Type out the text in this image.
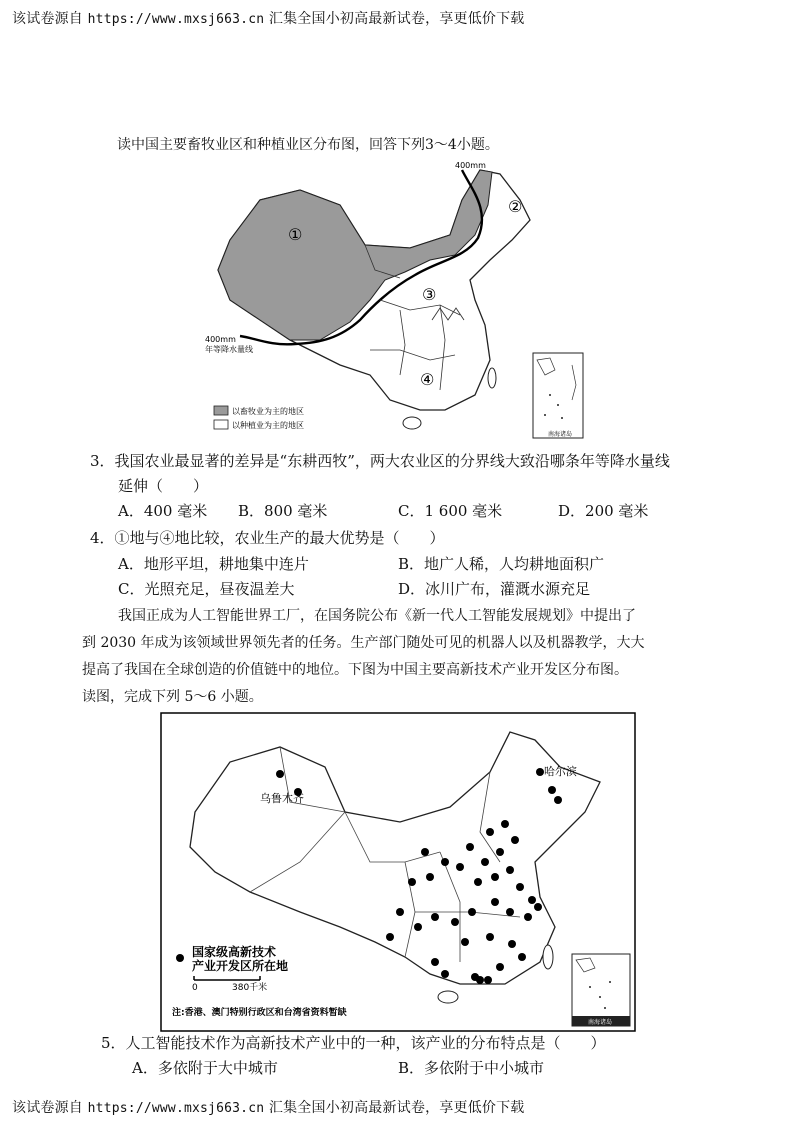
该试卷源自 https://www.mxsj663.cn 汇集全国小初高最新试卷，享更低价下载
读中国主要畜牧业区和种植业区分布图，回答下列3～4小题。
400mm
400mm
年等降水量线
①
②
③
④
以畜牧业为主的地区
以种植业为主的地区
南海诸岛
3．我国农业最显著的差异是“东耕西牧”，两大农业区的分界线大致沿哪条年等降水量线
延伸（　　）
A．400 毫米 B．800 毫米	C．1 600 毫米	D．200 毫米
4．①地与④地比较，农业生产的最大优势是（　　）
A．地形平坦，耕地集中连片	B．地广人稀，人均耕地面积广
C．光照充足，昼夜温差大	D．冰川广布，灌溉水源充足
我国正成为人工智能世界工厂，在国务院公布《新一代人工智能发展规划》中提出了
到 2030 年成为该领域世界领先者的任务。生产部门随处可见的机器人以及机器教学，大大
提高了我国在全球创造的价值链中的地位。下图为中国主要高新技术产业开发区分布图。
读图，完成下列 5～6 小题。
乌鲁木齐
哈尔滨
国家级高新技术
产业开发区所在地
0	380千米
注:香港、澳门特别行政区和台湾省资料暂缺
南海诸岛
5．人工智能技术作为高新技术产业中的一种，该产业的分布特点是（　　）
A．多依附于大中城市	B．多依附于中小城市
该试卷源自 https://www.mxsj663.cn 汇集全国小初高最新试卷，享更低价下载
